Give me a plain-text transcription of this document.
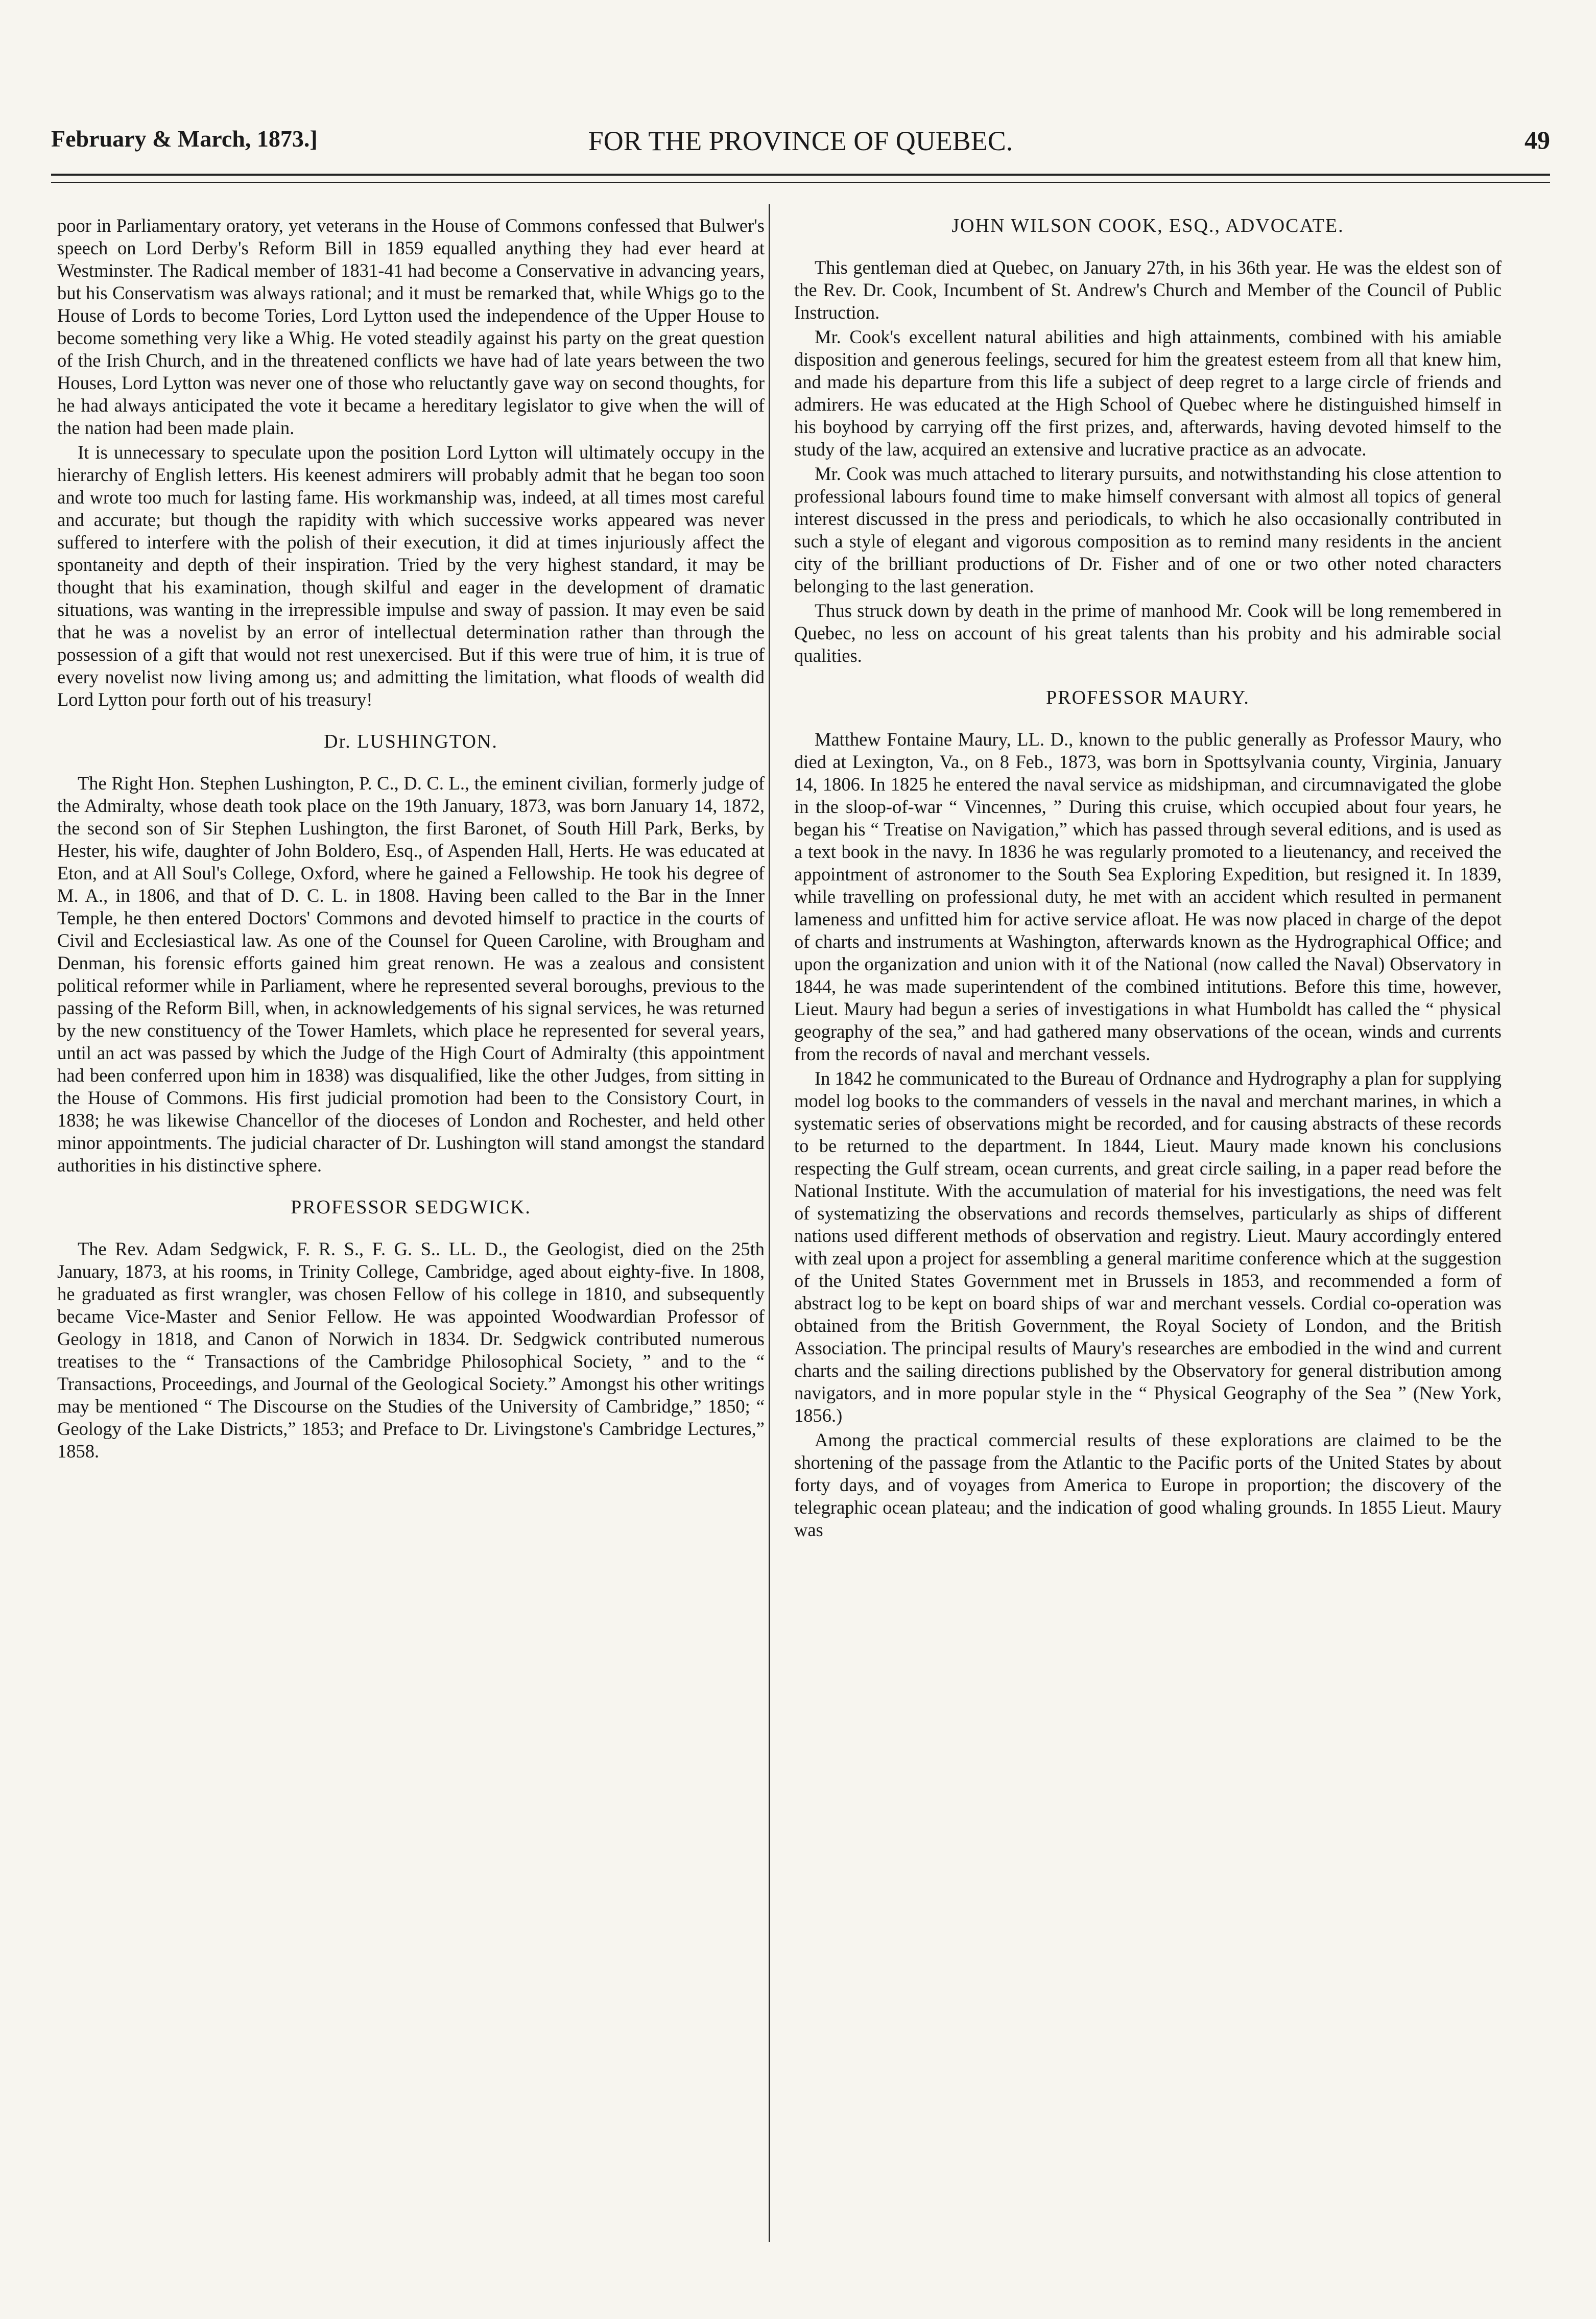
February & March, 1873.]	FOR THE PROVINCE OF QUEBEC.	49

poor in Parliamentary oratory, yet veterans in the House of Commons confessed that Bulwer's speech on Lord Derby's Reform Bill in 1859 equalled anything they had ever heard at Westminster. The Radical member of 1831-41 had become a Conservative in advancing years, but his Conservatism was always rational; and it must be remarked that, while Whigs go to the House of Lords to become Tories, Lord Lytton used the independence of the Upper House to become something very like a Whig. He voted steadily against his party on the great question of the Irish Church, and in the threatened conflicts we have had of late years between the two Houses, Lord Lytton was never one of those who reluctantly gave way on second thoughts, for he had always anticipated the vote it became a hereditary legislator to give when the will of the nation had been made plain.

It is unnecessary to speculate upon the position Lord Lytton will ultimately occupy in the hierarchy of English letters. His keenest admirers will probably admit that he began too soon and wrote too much for lasting fame. His workmanship was, indeed, at all times most careful and accurate; but though the rapidity with which successive works appeared was never suffered to interfere with the polish of their execution, it did at times injuriously affect the spontaneity and depth of their inspiration. Tried by the very highest standard, it may be thought that his examination, though skilful and eager in the development of dramatic situations, was wanting in the irrepressible impulse and sway of passion. It may even be said that he was a novelist by an error of intellectual determination rather than through the possession of a gift that would not rest unexercised. But if this were true of him, it is true of every novelist now living among us; and admitting the limitation, what floods of wealth did Lord Lytton pour forth out of his treasury!

Dr. LUSHINGTON.

The Right Hon. Stephen Lushington, P. C., D. C. L., the eminent civilian, formerly judge of the Admiralty, whose death took place on the 19th January, 1873, was born January 14, 1872, the second son of Sir Stephen Lushington, the first Baronet, of South Hill Park, Berks, by Hester, his wife, daughter of John Boldero, Esq., of Aspenden Hall, Herts. He was educated at Eton, and at All Soul's College, Oxford, where he gained a Fellowship. He took his degree of M. A., in 1806, and that of D. C. L. in 1808. Having been called to the Bar in the Inner Temple, he then entered Doctors' Commons and devoted himself to practice in the courts of Civil and Ecclesiastical law. As one of the Counsel for Queen Caroline, with Brougham and Denman, his forensic efforts gained him great renown. He was a zealous and consistent political reformer while in Parliament, where he represented several boroughs, previous to the passing of the Reform Bill, when, in acknowledgements of his signal services, he was returned by the new constituency of the Tower Hamlets, which place he represented for several years, until an act was passed by which the Judge of the High Court of Admiralty (this appointment had been conferred upon him in 1838) was disqualified, like the other Judges, from sitting in the House of Commons. His first judicial promotion had been to the Consistory Court, in 1838; he was likewise Chancellor of the dioceses of London and Rochester, and held other minor appointments. The judicial character of Dr. Lushington will stand amongst the standard authorities in his distinctive sphere.

PROFESSOR SEDGWICK.

The Rev. Adam Sedgwick, F. R. S., F. G. S.. LL. D., the Geologist, died on the 25th January, 1873, at his rooms, in Trinity College, Cambridge, aged about eighty-five. In 1808, he graduated as first wrangler, was chosen Fellow of his college in 1810, and subsequently became Vice-Master and Senior Fellow. He was appointed Woodwardian Professor of Geology in 1818, and Canon of Norwich in 1834. Dr. Sedgwick contributed numerous treatises to the “ Transactions of the Cambridge Philosophical Society, ” and to the “ Transactions, Proceedings, and Journal of the Geological Society.” Amongst his other writings may be mentioned “ The Discourse on the Studies of the University of Cambridge,” 1850; “ Geology of the Lake Districts,” 1853; and Preface to Dr. Livingstone's Cambridge Lectures,” 1858.

JOHN WILSON COOK, ESQ., ADVOCATE.

This gentleman died at Quebec, on January 27th, in his 36th year. He was the eldest son of the Rev. Dr. Cook, Incumbent of St. Andrew's Church and Member of the Council of Public Instruction.

Mr. Cook's excellent natural abilities and high attainments, combined with his amiable disposition and generous feelings, secured for him the greatest esteem from all that knew him, and made his departure from this life a subject of deep regret to a large circle of friends and admirers. He was educated at the High School of Quebec where he distinguished himself in his boyhood by carrying off the first prizes, and, afterwards, having devoted himself to the study of the law, acquired an extensive and lucrative practice as an advocate.

Mr. Cook was much attached to literary pursuits, and notwithstanding his close attention to professional labours found time to make himself conversant with almost all topics of general interest discussed in the press and periodicals, to which he also occasionally contributed in such a style of elegant and vigorous composition as to remind many residents in the ancient city of the brilliant productions of Dr. Fisher and of one or two other noted characters belonging to the last generation.

Thus struck down by death in the prime of manhood Mr. Cook will be long remembered in Quebec, no less on account of his great talents than his probity and his admirable social qualities.

PROFESSOR MAURY.

Matthew Fontaine Maury, LL. D., known to the public generally as Professor Maury, who died at Lexington, Va., on 8 Feb., 1873, was born in Spottsylvania county, Virginia, January 14, 1806. In 1825 he entered the naval service as midshipman, and circumnavigated the globe in the sloop-of-war “ Vincennes, ” During this cruise, which occupied about four years, he began his “ Treatise on Navigation,” which has passed through several editions, and is used as a text book in the navy. In 1836 he was regularly promoted to a lieutenancy, and received the appointment of astronomer to the South Sea Exploring Expedition, but resigned it. In 1839, while travelling on professional duty, he met with an accident which resulted in permanent lameness and unfitted him for active service afloat. He was now placed in charge of the depot of charts and instruments at Washington, afterwards known as the Hydrographical Office; and upon the organization and union with it of the National (now called the Naval) Observatory in 1844, he was made superintendent of the combined intitutions. Before this time, however, Lieut. Maury had begun a series of investigations in what Humboldt has called the “ physical geography of the sea,” and had gathered many observations of the ocean, winds and currents from the records of naval and merchant vessels.

In 1842 he communicated to the Bureau of Ordnance and Hydrography a plan for supplying model log books to the commanders of vessels in the naval and merchant marines, in which a systematic series of observations might be recorded, and for causing abstracts of these records to be returned to the department. In 1844, Lieut. Maury made known his conclusions respecting the Gulf stream, ocean currents, and great circle sailing, in a paper read before the National Institute. With the accumulation of material for his investigations, the need was felt of systematizing the observations and records themselves, particularly as ships of different nations used different methods of observation and registry. Lieut. Maury accordingly entered with zeal upon a project for assembling a general maritime conference which at the suggestion of the United States Government met in Brussels in 1853, and recommended a form of abstract log to be kept on board ships of war and merchant vessels. Cordial co-operation was obtained from the British Government, the Royal Society of London, and the British Association. The principal results of Maury's researches are embodied in the wind and current charts and the sailing directions published by the Observatory for general distribution among navigators, and in more popular style in the “ Physical Geography of the Sea ” (New York, 1856.)

Among the practical commercial results of these explorations are claimed to be the shortening of the passage from the Atlantic to the Pacific ports of the United States by about forty days, and of voyages from America to Europe in proportion; the discovery of the telegraphic ocean plateau; and the indication of good whaling grounds. In 1855 Lieut. Maury was
